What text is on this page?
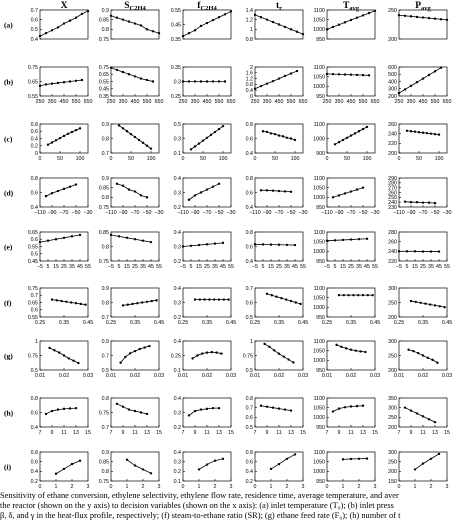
X	$S_{C2H4}$	$f_{C2H4}$	$t_r$	$T_{avg}$	$P_{avg}$
(a)
(b)
(c)
(d)
(e)
(f)
(g)
(h)
(i)
0.4
0.5
0.6
0.7
0.75
0.8
0.85
0.9
0.35
0.45
0.55
0.8
1
1.2
1.4
950
1000
1050
1100
200
250
0.55
0.65
0.75
250 350 450 550 650
0.35
0.45
0.55
0.65
0.75
250 350 450 550 650
0.25
0.3
0.35
250 350 450 550 650
0
0.4
0.8
1.2
1.6
2
250 350 450 550 650
950
1000
1050
1100
250 350 450 550 650
200
300
400
500
600
250 350 450 550 650
0
0.2
0.4
0.6
0.8
0	50 100
0.7
0.8
0.9
0	50 100
0.1
0.3
0.5
0	50 100
0.4
0.6
0.8
0	50 100
900
1000
1100
0	50 100
200
220
240
260
0	50 100
0.4
0.6
0.8
−110 −90 −70 −50 −30
0.75
0.8
0.85
0.9
−110 −90 −70 −50 −30
0.2
0.3
0.4
−110 −90 −70 −50 −30
0.4
0.6
0.8
−110 −90 −70 −50 −30
950
1000
1050
1100
−110 −90 −70 −50 −30
230
240
250
260
270
280
290
−110 −90 −70 −50 −30
0.45
0.5
0.55
0.6
0.65
−5 5 15 25 35 45 55
0.75
0.8
0.85
−5 5 15 25 35 45 55
0.2
0.3
0.4
−5 5 15 25 35 45 55
0.4
0.6
0.8
−5 5 15 25 35 45 55
950
1000
1050
1100
−5 5 15 25 35 45 55
220
240
260
280
−5 5 15 25 35 45 55
0.55
0.6
0.65
0.7
0.75
0.25	0.35	0.45
0.7
0.8
0.9
0.25	0.35	0.45
0.2
0.3
0.4
0.25	0.35	0.45
0.5
0.6
0.7
0.25	0.35	0.45
950
1000
1050
1100
0.25	0.35	0.45
200
250
300
0.25	0.35	0.45
0.5
0.75
1
0.01	0.02	0.03
0.5
0.7
0.9
0.01	0.02	0.03
0.1
0.25
0.4
0.01	0.02	0.03
0.5
0.75
1
0.01	0.02	0.03
950
1000
1050
1100
0.01	0.02	0.03
200
250
300
0.01	0.02	0.03
0.4
0.6
0.8
7 9 11 13 15
0.7
0.75
0.8
7 9 11 13 15
0.2
0.3
0.4
7 9 11 13 15
0.5
0.6
0.7
0.8
7 9 11 13 15
950
1000
1050
1100
7 9 11 13 15
200
250
300
350
7 9 11 13 15
0.2
0.4
0.6
0.8
0 1 2 3
0.75
0.8
0.85
0.9
0 1 2 3
0.1
0.2
0.3
0.4
0 1 2 3
0.2
0.4
0.6
0.8
0 1 2 3
950
1000
1050
1100
0 1 2 3
150
200
250
300
0 1 2 3
Sensitivity of ethane conversion, ethylene selectivity, ethylene flow rate, residence time, average temperature, and aver
the reactor (shown on the y axis) to decision variables (shown on the x axis): (a) inlet temperature (T₀); (b) inlet press
β, δ, and γ in the heat-flux profile, respectively; (f) steam-to-ethane ratio (SR); (g) ethane feed rate (F₀); (h) number of t
